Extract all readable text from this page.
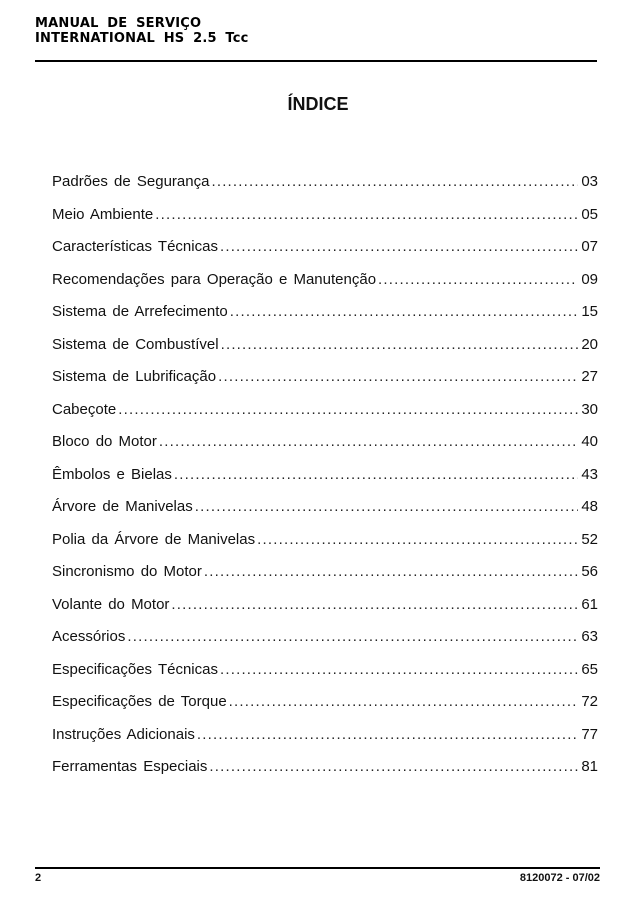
MANUAL DE SERVIÇO
INTERNATIONAL HS 2.5 Tcc
ÍNDICE
Padrões de Segurança .....	03
Meio Ambiente .....	05
Características Técnicas .....	07
Recomendações para Operação e Manutenção .....	09
Sistema de Arrefecimento .....	15
Sistema de Combustível .....	20
Sistema de Lubrificação .....	27
Cabeçote .....	30
Bloco do Motor .....	40
Êmbolos e Bielas .....	43
Árvore de Manivelas .....	48
Polia da Árvore de Manivelas .....	52
Sincronismo do Motor .....	56
Volante do Motor .....	61
Acessórios .....	63
Especificações Técnicas .....	65
Especificações de Torque .....	72
Instruções Adicionais .....	77
Ferramentas Especiais .....	81
2	8120072 - 07/02
